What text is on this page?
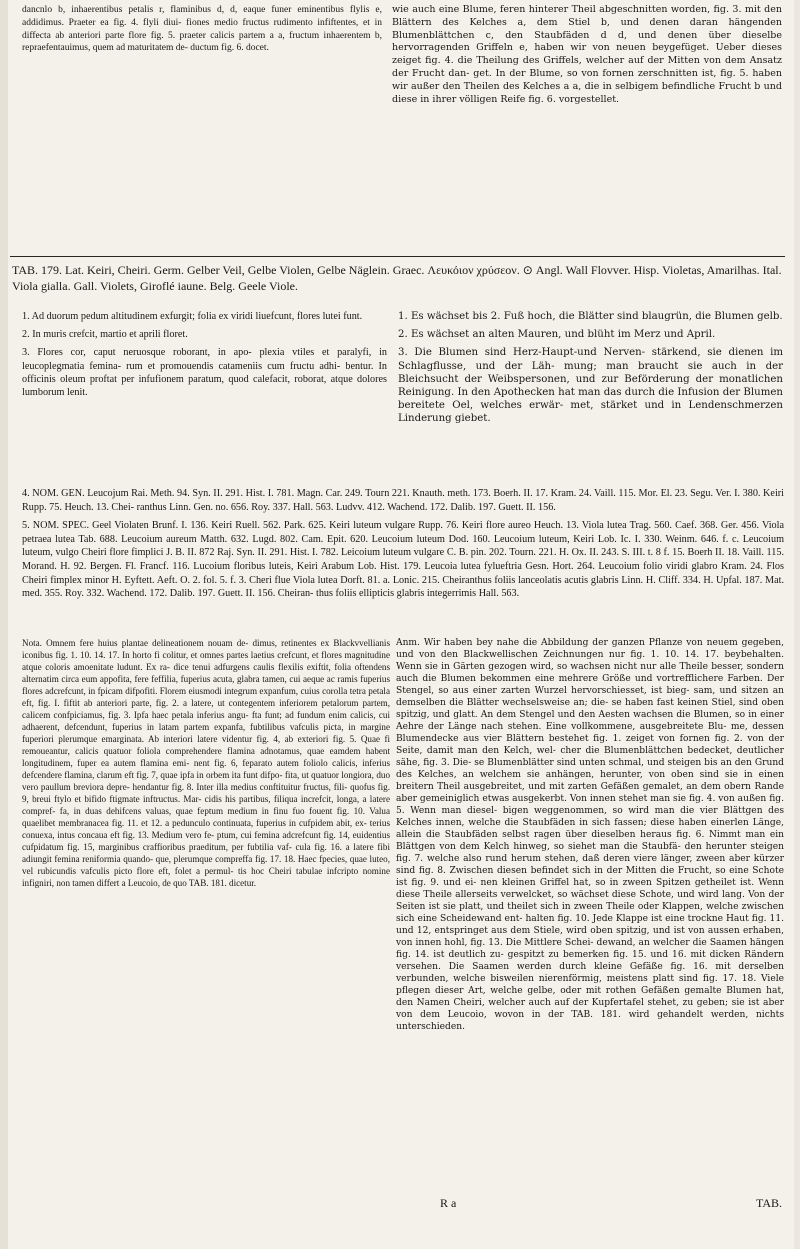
dancnlo b, inhaerentibus petalis r, flaminibus d, d, eaque funer eminentibus flylis e, addidimus. Praeter ea fig. 4. flyli diui- fiones medio fructus rudimento infiftentes, et in diffecta ab anteriori parte flore fig. 5. praeter calicis partem a a, fructum inhaerentem b, repraefentauimus, quem ad maturitatem de- ductum fig. 6. docet.
wie auch eine Blume, feren hinterer Theil abgeschnitten worden, fig. 3. mit den Blättern des Kelches a, dem Stiel b, und denen daran hängenden Blumenblättchen c, den Staubfäden d d, und denen über dieselbe hervorragenden Griffeln e, haben wir von neuen beygefüget. Ueber dieses zeiget fig. 4. die Theilung des Griffels, welcher auf der Mitten von dem Ansatz der Frucht dan- get. In der Blume, so von fornen zerschnitten ist, fig. 5. haben wir außer den Theilen des Kelches a a, die in selbigem befindliche Frucht b und diese in ihrer völligen Reife fig. 6. vorgestellet.
TAB. 179. Lat. Keiri, Cheiri. Germ. Gelber Veil, Gelbe Violen, Gelbe Näglein. Graec. Λευκόιον χρύσεον. ⊙ Angl. Wall Flovver. Hisp. Violetas, Amarilhas. Ital. Viola gialla. Gall. Violets, Giroflé iaune. Belg. Geele Viole.

1. Ad duorum pedum altitudinem exfurgit; folia ex viridi liuefcunt, flores lutei funt.

2. In muris crefcit, martio et aprili floret.

3. Flores cor, caput neruosque roborant, in apo- plexia vtiles et paralyfi, in leucoplegmatia femina- rum et promouendis catameniis cum fructu adhi- bentur. In officinis oleum proftat per infufionem paratum, quod calefacit, roborat, atque dolores lumborum lenit.

1. Es wächset bis 2. Fuß hoch, die Blätter sind blaugrün, die Blumen gelb.

2. Es wächset an alten Mauren, und blüht im Merz und April.

3. Die Blumen sind Herz-Haupt-und Nerven- stärkend, sie dienen im Schlagflusse, und der Läh- mung; man braucht sie auch in der Bleichsucht der Weibspersonen, und zur Beförderung der monatlichen Reinigung. In den Apothecken hat man das durch die Infusion der Blumen bereitete Oel, welches erwär- met, stärket und in Lendenschmerzen Linderung giebet.

4. NOM. GEN. Leucojum Rai. Meth. 94. Syn. II. 291. Hist. I. 781. Magn. Car. 249. Tourn 221. Knauth. meth. 173. Boerh. II. 17. Kram. 24. Vaill. 115. Mor. El. 23. Segu. Ver. I. 380. Keiri Rupp. 75. Heuch. 13. Chei- ranthus Linn. Gen. no. 656. Roy. 337. Hall. 563. Ludvv. 412. Wachend. 172. Dalib. 197. Guett. II. 156.

5. NOM. SPEC. Geel Violaten Brunf. I. 136. Keiri Ruell. 562. Park. 625. Keiri luteum vulgare Rupp. 76. Keiri flore aureo Heuch. 13. Viola lutea Trag. 560. Caef. 368. Ger. 456. Viola petraea lutea Tab. 688. Leucoium aureum Matth. 632. Lugd. 802. Cam. Epit. 620. Leucoium luteum Dod. 160. Leucoium luteum, Keiri Lob. Ic. I. 330. Weinm. 646. f. c. Leucoium luteum, vulgo Cheiri flore fimplici J. B. II. 872 Raj. Syn. II. 291. Hist. I. 782. Leicoium luteum vulgare C. B. pin. 202. Tourn. 221. H. Ox. II. 243. S. III. t. 8 f. 15. Boerh II. 18. Vaill. 115. Morand. H. 92. Bergen. Fl. Francf. 116. Lucoium floribus luteis, Keiri Arabum Lob. Hist. 179. Leucoia lutea fylueftria Gesn. Hort. 264. Leucoium folio viridi glabro Kram. 24. Flos Cheiri fimplex minor H. Eyftett. Aeft. O. 2. fol. 5. f. 3. Cheri flue Viola lutea Dorft. 81. a. Lonic. 215. Cheiranthus foliis lanceolatis acutis glabris Linn. H. Cliff. 334. H. Upfal. 187. Mat. med. 355. Roy. 332. Wachend. 172. Dalib. 197. Guett. II. 156. Cheiran- thus foliis ellipticis glabris integerrimis Hall. 563.

Nota. Omnem fere huius plantae delineationem nouam de- dimus, retinentes ex Blackvvellianis iconibus fig. 1. 10. 14. 17. In horto fi colitur, et omnes partes laetius crefcunt, et flores magnitudine atque coloris amoenitate ludunt. Ex ra- dice tenui adfurgens caulis flexilis exiftit, folia oftendens alternatim circa eum appofita, fere feffilia, fuperius acuta, glabra tamen, cui aeque ac ramis fuperius flores adcrefcunt, in fpicam difpofiti. Florem eiusmodi integrum expanfum, cuius corolla tetra petala eft, fig. I. fiftit ab anteriori parte, fig. 2. a latere, ut contegentem inferiorem petalorum partem, calicem confpiciamus, fig. 3. Ipfa haec petala inferius angu- fta funt; ad fundum enim calicis, cui adhaerent, defcendunt, fuperius in latam partem expanfa, fubtilibus vafculis picta, in margine fuperiori plerumque emarginata. Ab interiori latere videntur fig. 4, ab exteriori fig. 5. Quae fi remoueantur, calicis quatuor foliola comprehendere flamina adnotamus, quae eamdem habent longitudinem, fuper ea autem flamina emi- nent fig. 6, feparato autem foliolo calicis, inferius defcendere flamina, clarum eft fig. 7, quae ipfa in orbem ita funt difpo- fita, ut quatuor longiora, duo vero paullum breviora depre- hendantur fig. 8. Inter illa medius conftituitur fructus, fili- quofus fig. 9, breui ftylo et bifido ftigmate inftructus. Mar- cidis his partibus, filiqua increfcit, longa, a latere compref- fa, in duas dehifcens valuas, quae feptum medium in finu fuo fouent fig. 10. Valua quaelibet membranacea fig. 11. et 12. a pedunculo continuata, fuperius in cufpidem abit, ex- terius conuexa, intus concaua eft fig. 13. Medium vero fe- ptum, cui femina adcrefcunt fig. 14, euidentius cufpidatum fig. 15, marginibus craffioribus praeditum, per fubtilia vaf- cula fig. 16. a latere fibi adiungit femina reniformia quando- que, plerumque compreffa fig. 17. 18. Haec fpecies, quae luteo, vel rubicundis vafculis picto flore eft, folet a permul- tis hoc Cheiri tabulae infcripto nomine infigniri, non tamen differt a Leucoio, de quo TAB. 181. dicetur.
Anm. Wir haben bey nahe die Abbildung der ganzen Pflanze von neuem gegeben, und von den Blackwellischen Zeichnungen nur fig. 1. 10. 14. 17. beybehalten. Wenn sie in Gärten gezogen wird, so wachsen nicht nur alle Theile besser, sondern auch die Blumen bekommen eine mehrere Größe und vortrefflichere Farben. Der Stengel, so aus einer zarten Wurzel hervorschiesset, ist bieg- sam, und sitzen an demselben die Blätter wechselsweise an; die- se haben fast keinen Stiel, sind oben spitzig, und glatt. An dem Stengel und den Aesten wachsen die Blumen, so in einer Aehre der Länge nach stehen. Eine vollkommene, ausgebreitete Blu- me, dessen Blumendecke aus vier Blättern bestehet fig. 1. zeiget von fornen fig. 2. von der Seite, damit man den Kelch, wel- cher die Blumenblättchen bedecket, deutlicher sähe, fig. 3. Die- se Blumenblätter sind unten schmal, und steigen bis an den Grund des Kelches, an welchem sie anhängen, herunter, von oben sind sie in einen breitern Theil ausgebreitet, und mit zarten Gefäßen gemalet, an dem obern Rande aber gemeiniglich etwas ausgekerbt. Von innen stehet man sie fig. 4. von außen fig. 5. Wenn man diesel- bigen weggenommen, so wird man die vier Blättgen des Kelches innen, welche die Staubfäden in sich fassen; diese haben einerlen Länge, allein die Staubfäden selbst ragen über dieselben heraus fig. 6. Nimmt man ein Blättgen von dem Kelch hinweg, so siehet man die Staubfä- den herunter steigen fig. 7. welche also rund herum stehen, daß deren viere länger, zween aber kürzer sind fig. 8. Zwischen diesen befindet sich in der Mitten die Frucht, so eine Schote ist fig. 9. und ei- nen kleinen Griffel hat, so in zween Spitzen getheilet ist. Wenn diese Theile allerseits verwelcket, so wächset diese Schote, und wird lang. Von der Seiten ist sie platt, und theilet sich in zween Theile oder Klappen, welche zwischen sich eine Scheidewand ent- halten fig. 10. Jede Klappe ist eine trockne Haut fig. 11. und 12, entspringet aus dem Stiele, wird oben spitzig, und ist von aussen erhaben, von innen hohl, fig. 13. Die Mittlere Schei- dewand, an welcher die Saamen hängen fig. 14. ist deutlich zu- gespitzt zu bemerken fig. 15. und 16. mit dicken Rändern versehen. Die Saamen werden durch kleine Gefäße fig. 16. mit derselben verbunden, welche bisweilen nierenförmig, meistens platt sind fig. 17. 18. Viele pflegen dieser Art, welche gelbe, oder mit rothen Gefäßen gemalte Blumen hat, den Namen Cheiri, welcher auch auf der Kupfertafel stehet, zu geben; sie ist aber von dem Leucoio, wovon in der TAB. 181. wird gehandelt werden, nichts unterschieden.
R a	TAB.
